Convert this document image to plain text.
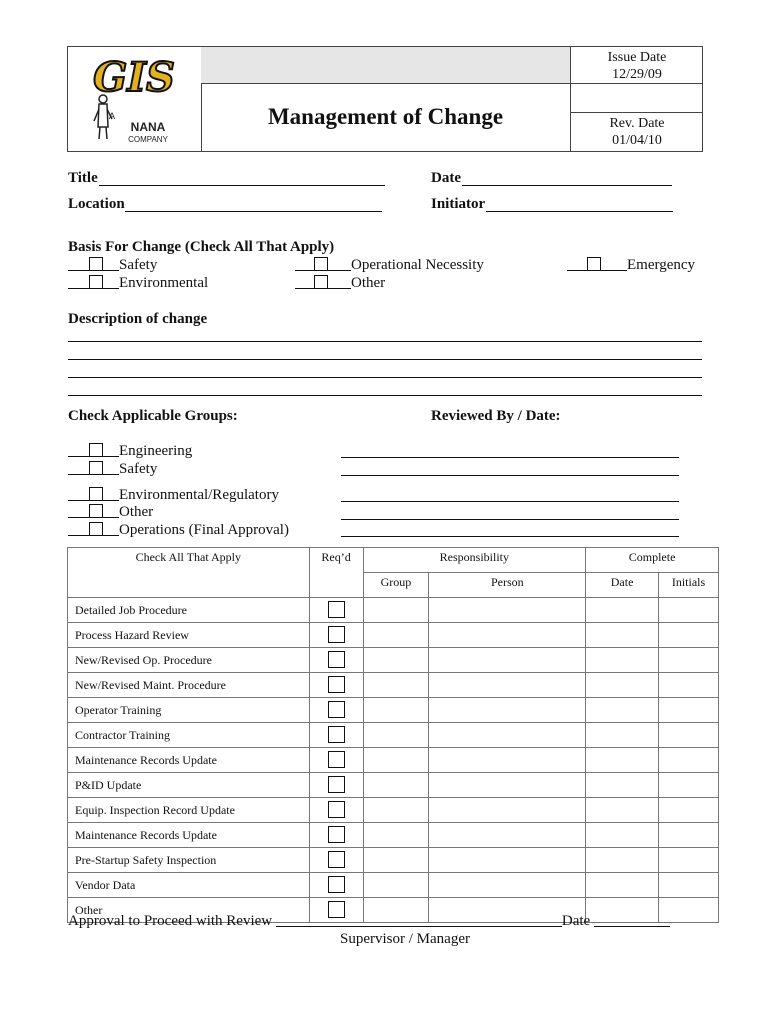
GIS
A
NANA
COMPANY
Management of Change
Issue Date
12/29/09
Rev. Date
01/04/10
Title	Date
Location	Initiator
Basis For Change (Check All That Apply)
Safety
Environmental
Operational Necessity
Other
Emergency
Description of change
Check Applicable Groups:	Reviewed By / Date:
Engineering
Safety
Environmental/Regulatory
Other
Operations (Final Approval)
Check All That Apply	Req’d	Responsibility		Complete	
		Group	Person	Date	Initials
Detailed Job Procedure					
Process Hazard Review					
New/Revised Op. Procedure					
New/Revised Maint. Procedure					
Operator Training					
Contractor Training					
Maintenance Records Update					
P&ID Update					
Equip. Inspection Record Update					
Maintenance Records Update					
Pre-Startup Safety Inspection					
Vendor Data					
Other					
Approval to Proceed with Review	Date
Supervisor / Manager
